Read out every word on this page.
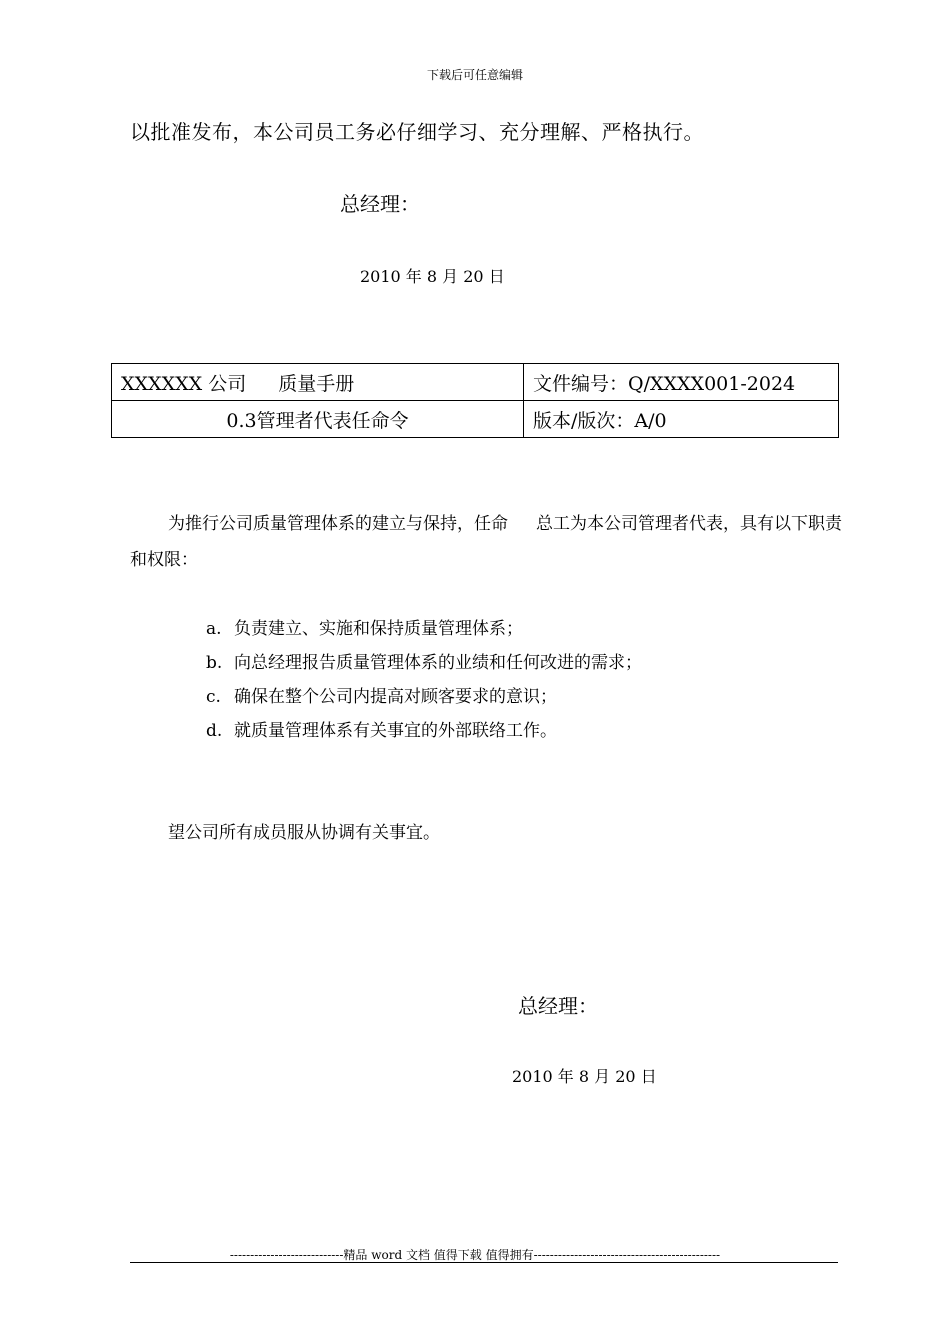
下载后可任意编辑
以批准发布，本公司员工务必仔细学习、充分理解、严格执行。
总经理：
2010 年 8 月 20 日
XXXXXX 公司 质量手册	文件编号：Q/XXXX001-2024
0.3管理者代表任命令	版本/版次：A/0
为推行公司质量管理体系的建立与保持，任命 总工为本公司管理者代表，具有以下职责和权限：
a. 负责建立、实施和保持质量管理体系；
b. 向总经理报告质量管理体系的业绩和任何改进的需求；
c. 确保在整个公司内提高对顾客要求的意识；
d. 就质量管理体系有关事宜的外部联络工作。
望公司所有成员服从协调有关事宜。
总经理：
2010 年 8 月 20 日
----------------------------精品 word 文档 值得下载 值得拥有----------------------------------------------
